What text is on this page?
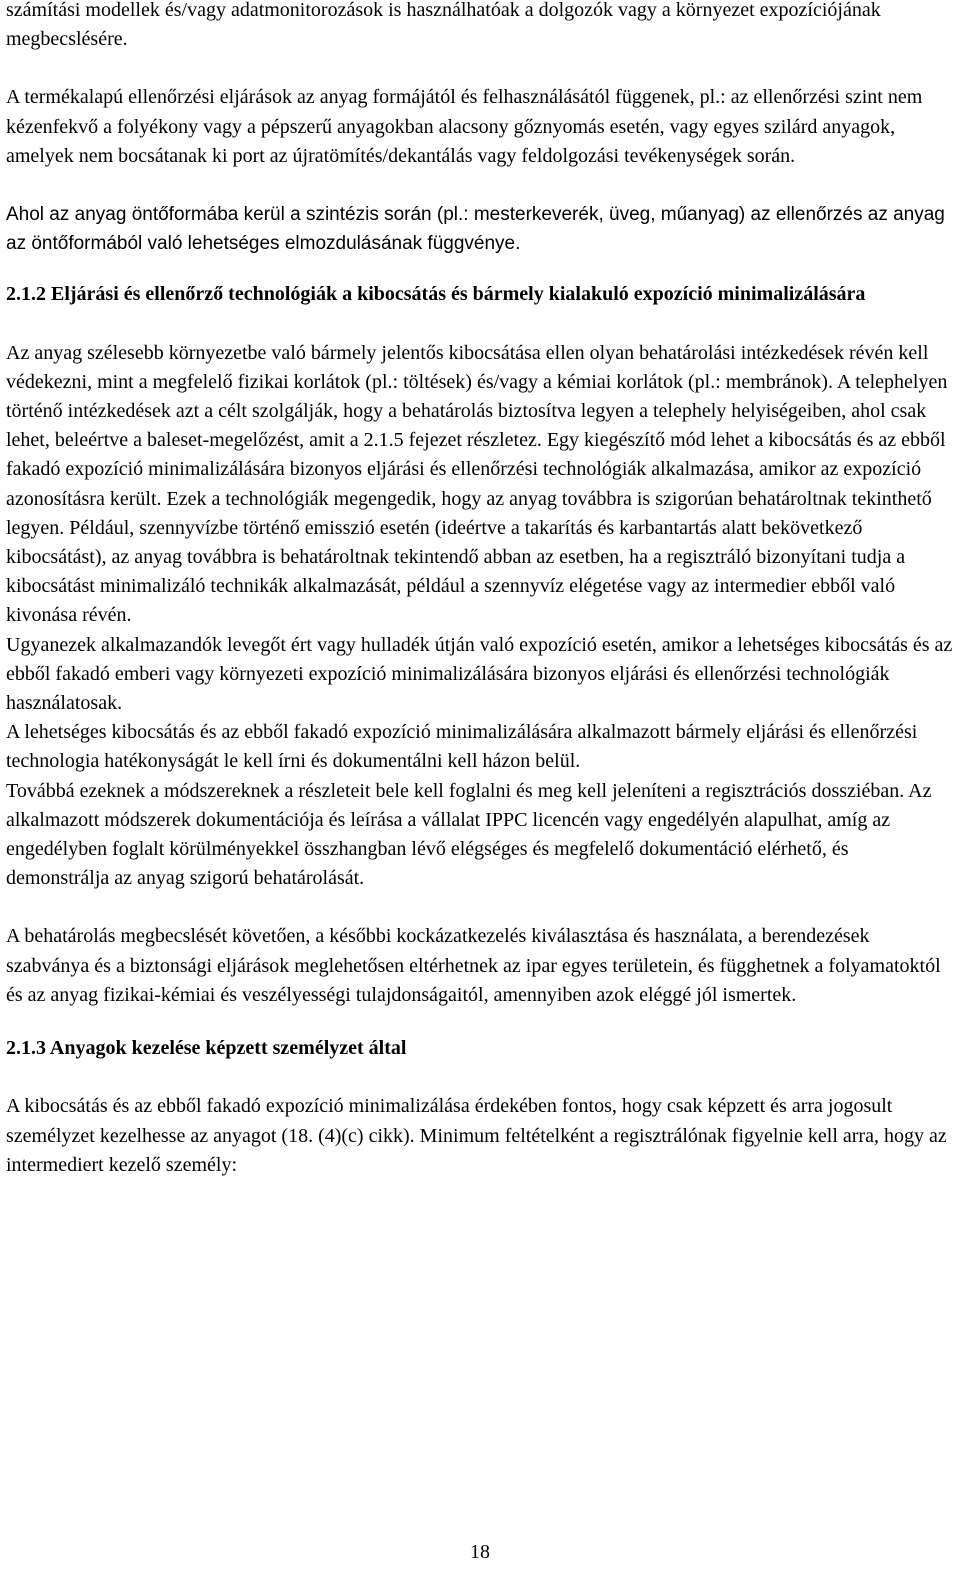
számítási modellek és/vagy adatmonitorozások is használhatóak a dolgozók vagy a környezet expozíciójának megbecslésére.

A termékalapú ellenőrzési eljárások az anyag formájától és felhasználásától függenek, pl.: az ellenőrzési szint nem kézenfekvő a folyékony vagy a pépszerű anyagokban alacsony gőznyomás esetén, vagy egyes szilárd anyagok, amelyek nem bocsátanak ki port az újratömítés/dekantálás vagy feldolgozási tevékenységek során.

Ahol az anyag öntőformába kerül a szintézis során (pl.: mesterkeverék, üveg, műanyag) az ellenőrzés az anyag az öntőformából való lehetséges elmozdulásának függvénye.

2.1.2 Eljárási és ellenőrző technológiák a kibocsátás és bármely kialakuló expozíció minimalizálására

Az anyag szélesebb környezetbe való bármely jelentős kibocsátása ellen olyan behatárolási intézkedések révén kell védekezni, mint a megfelelő fizikai korlátok (pl.: töltések) és/vagy a kémiai korlátok (pl.: membránok). A telephelyen történő intézkedések azt a célt szolgálják, hogy a behatárolás biztosítva legyen a telephely helyiségeiben, ahol csak lehet, beleértve a baleset-megelőzést, amit a 2.1.5 fejezet részletez. Egy kiegészítő mód lehet a kibocsátás és az ebből fakadó expozíció minimalizálására bizonyos eljárási és ellenőrzési technológiák alkalmazása, amikor az expozíció azonosításra került. Ezek a technológiák megengedik, hogy az anyag továbbra is szigorúan behatároltnak tekinthető legyen. Például, szennyvízbe történő emisszió esetén (ideértve a takarítás és karbantartás alatt bekövetkező kibocsátást), az anyag továbbra is behatároltnak tekintendő abban az esetben, ha a regisztráló bizonyítani tudja a kibocsátást minimalizáló technikák alkalmazását, például a szennyvíz elégetése vagy az intermedier ebből való kivonása révén.

Ugyanezek alkalmazandók levegőt ért vagy hulladék útján való expozíció esetén, amikor a lehetséges kibocsátás és az ebből fakadó emberi vagy környezeti expozíció minimalizálására bizonyos eljárási és ellenőrzési technológiák használatosak.

A lehetséges kibocsátás és az ebből fakadó expozíció minimalizálására alkalmazott bármely eljárási és ellenőrzési technologia hatékonyságát le kell írni és dokumentálni kell házon belül.

Továbbá ezeknek a módszereknek a részleteit bele kell foglalni és meg kell jeleníteni a regisztrációs dossziéban. Az alkalmazott módszerek dokumentációja és leírása a vállalat IPPC licencén vagy engedélyén alapulhat, amíg az engedélyben foglalt körülményekkel összhangban lévő elégséges és megfelelő dokumentáció elérhető, és demonstrálja az anyag szigorú behatárolását.

A behatárolás megbecslését követően, a későbbi kockázatkezelés kiválasztása és használata, a berendezések szabványa és a biztonsági eljárások meglehetősen eltérhetnek az ipar egyes területein, és függhetnek a folyamatoktól és az anyag fizikai-kémiai és veszélyességi tulajdonságaitól, amennyiben azok eléggé jól ismertek.

2.1.3 Anyagok kezelése képzett személyzet által

A kibocsátás és az ebből fakadó expozíció minimalizálása érdekében fontos, hogy csak képzett és arra jogosult személyzet kezelhesse az anyagot (18. (4)(c) cikk). Minimum feltételként a regisztrálónak figyelnie kell arra, hogy az intermediert kezelő személy:

18
